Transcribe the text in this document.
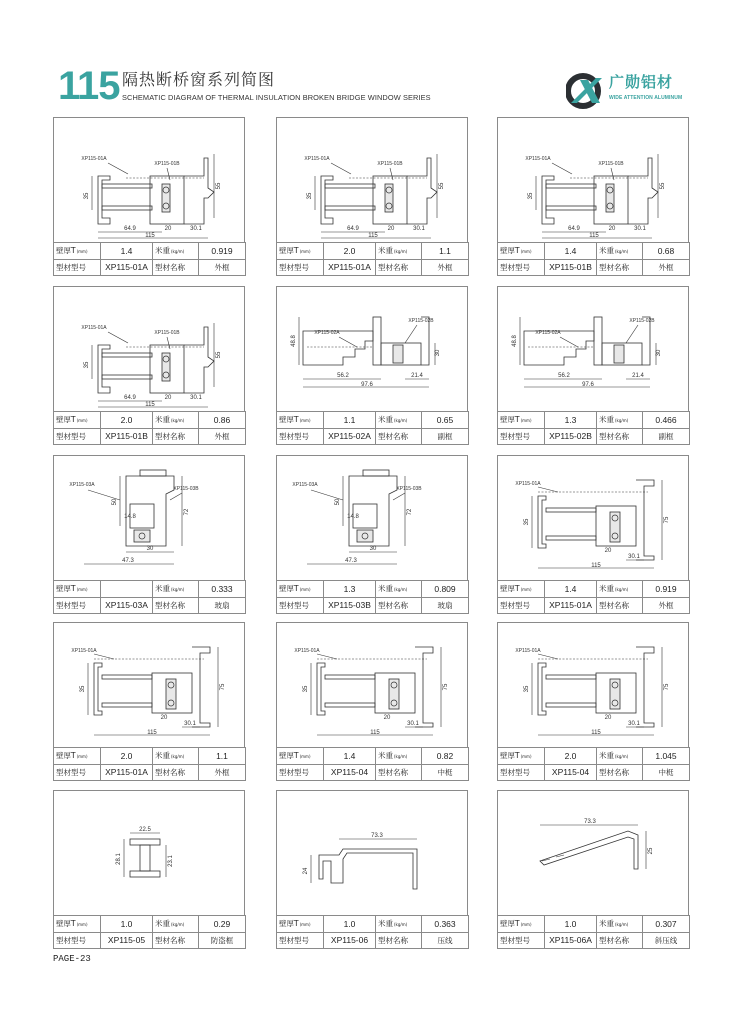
115 隔热断桥窗系列简图
SCHEMATIC DIAGRAM OF THERMAL INSULATION BROKEN BRIDGE WINDOW SERIES
广勋铝材
WIDE ATTENTION ALUMINUM
XP115-01A
XP115-01B
35
55
64.9	20	30.1
115
壁厚T(mm)	1.4	米重(kg/m)	0.919
型材型号	XP115-01A	型材名称	外框
XP115-01A
XP115-01B
35
55
64.9	20	30.1
115
壁厚T(mm)	2.0	米重(kg/m)	1.1
型材型号	XP115-01A	型材名称	外框
XP115-01A
XP115-01B
35
55
64.9	20	30.1
115
壁厚T(mm)	1.4	米重(kg/m)	0.68
型材型号	XP115-01B	型材名称	外框
XP115-01A
XP115-01B
35
55
64.9	20	30.1
115
壁厚T(mm)	2.0	米重(kg/m)	0.86
型材型号	XP115-01B	型材名称	外框
XP115-02A
XP115-02B
48.8
30
56.2	21.4
97.6
壁厚T(mm)	1.1	米重(kg/m)	0.65
型材型号	XP115-02A	型材名称	副框
XP115-02A
XP115-02B
48.8
30
56.2	21.4
97.6
壁厚T(mm)	1.3	米重(kg/m)	0.466
型材型号	XP115-02B	型材名称	副框
XP115-03A
XP115-03B
50
14.8
72
30
47.3
壁厚T(mm)		米重(kg/m)	0.333
型材型号	XP115-03A	型材名称	玻扇
XP115-03A
XP115-03B
50
14.8
72
30
47.3
壁厚T(mm)	1.3	米重(kg/m)	0.809
型材型号	XP115-03B	型材名称	玻扇
XP115-01A
35	75
20
30.1
115
壁厚T(mm)	1.4	米重(kg/m)	0.919
型材型号	XP115-01A	型材名称	外框
XP115-01A
35	75
20
30.1
115
壁厚T(mm)	2.0	米重(kg/m)	1.1
型材型号	XP115-01A	型材名称	外框
XP115-01A
35	75
20
30.1
115
壁厚T(mm)	1.4	米重(kg/m)	0.82
型材型号	XP115-04	型材名称	中梃
XP115-01A
35	75
20
30.1
115
壁厚T(mm)	2.0	米重(kg/m)	1.045
型材型号	XP115-04	型材名称	中梃
22.5
28.1	23.1
壁厚T(mm)	1.0	米重(kg/m)	0.29
型材型号	XP115-05	型材名称	防盗框
73.3
24
壁厚T(mm)	1.0	米重(kg/m)	0.363
型材型号	XP115-06	型材名称	压线
73.3
25
壁厚T(mm)	1.0	米重(kg/m)	0.307
型材型号	XP115-06A	型材名称	斜压线
PAGE-23
